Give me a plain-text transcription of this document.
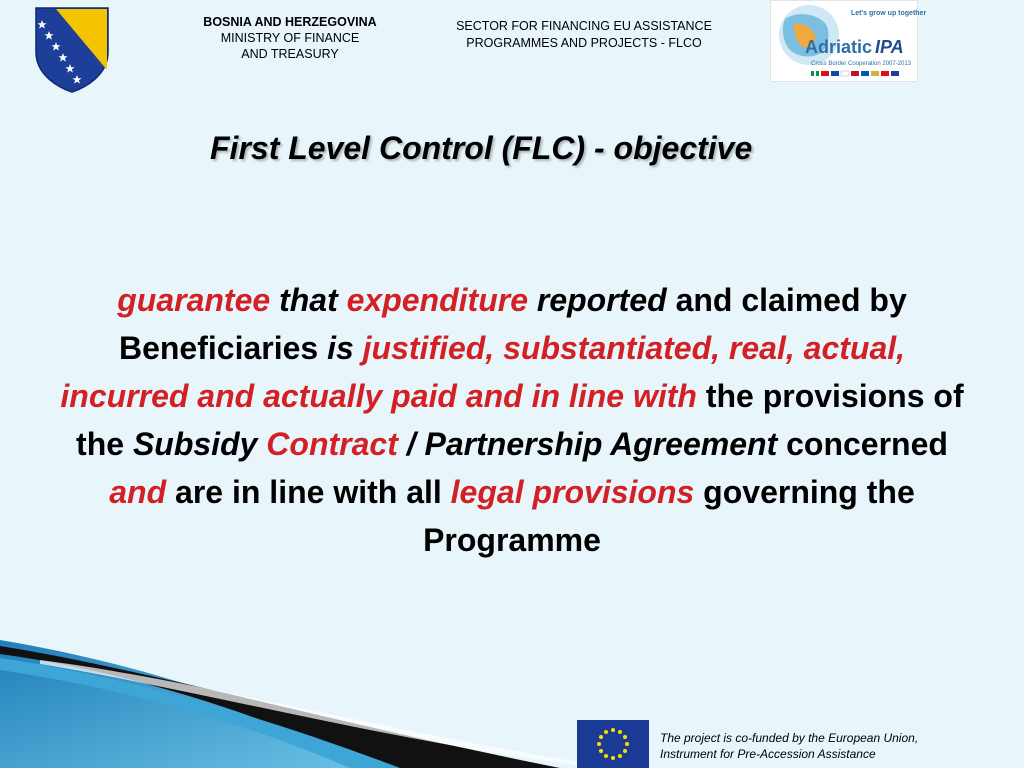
BOSNIA AND HERZEGOVINA
MINISTRY OF FINANCE
AND TREASURY
SECTOR FOR FINANCING EU ASSISTANCE
PROGRAMMES AND PROJECTS - FLCO
Let's grow up together
Adriatic IPA
Cross Border Cooperation 2007-2013
First Level Control (FLC) - objective
guarantee that expenditure reported and claimed by Beneficiaries is justified, substantiated, real, actual, incurred and actually paid and in line with the provisions of the Subsidy Contract / Partnership Agreement concerned and are in line with all legal provisions governing the Programme
The project is co-funded by the European Union,
Instrument for Pre-Accession Assistance
